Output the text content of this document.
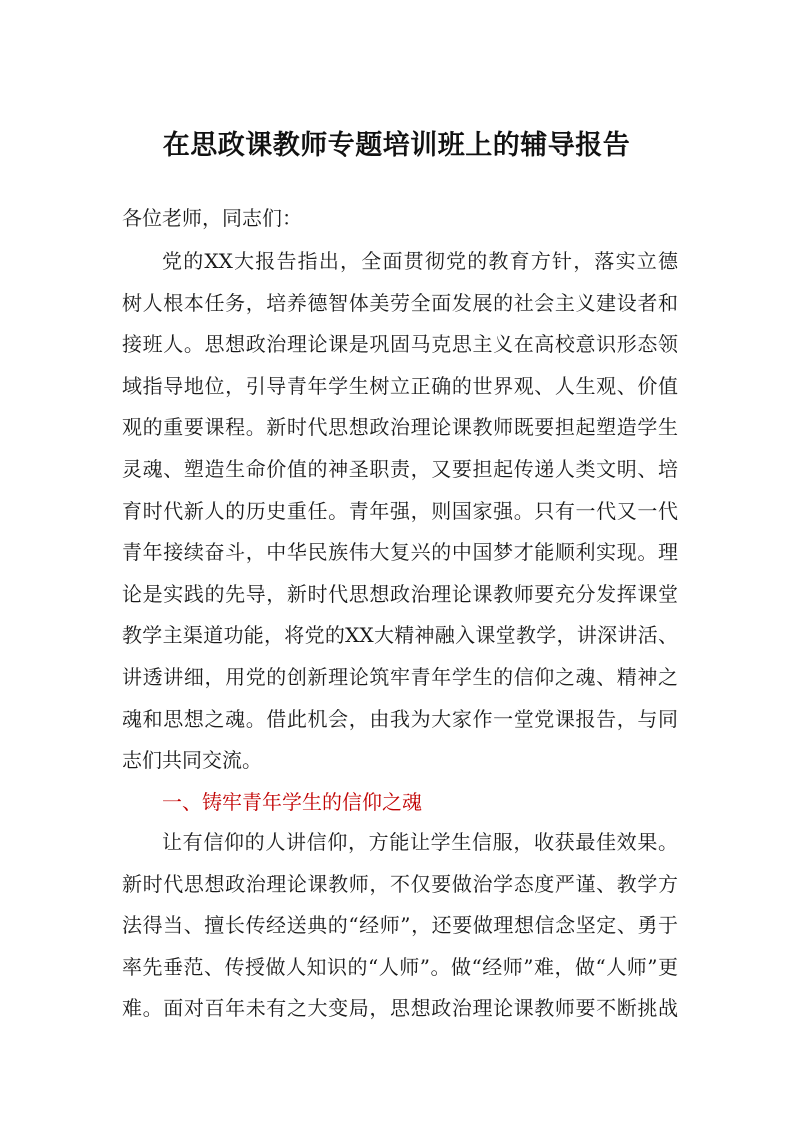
在思政课教师专题培训班上的辅导报告
各位老师，同志们：
党的XX大报告指出，全面贯彻党的教育方针，落实立德
树人根本任务，培养德智体美劳全面发展的社会主义建设者和
接班人。思想政治理论课是巩固马克思主义在高校意识形态领
域指导地位，引导青年学生树立正确的世界观、人生观、价值
观的重要课程。新时代思想政治理论课教师既要担起塑造学生
灵魂、塑造生命价值的神圣职责，又要担起传递人类文明、培
育时代新人的历史重任。青年强，则国家强。只有一代又一代
青年接续奋斗，中华民族伟大复兴的中国梦才能顺利实现。理
论是实践的先导，新时代思想政治理论课教师要充分发挥课堂
教学主渠道功能，将党的XX大精神融入课堂教学，讲深讲活、
讲透讲细，用党的创新理论筑牢青年学生的信仰之魂、精神之
魂和思想之魂。借此机会，由我为大家作一堂党课报告，与同
志们共同交流。
一、铸牢青年学生的信仰之魂
让有信仰的人讲信仰，方能让学生信服，收获最佳效果。
新时代思想政治理论课教师，不仅要做治学态度严谨、教学方
法得当、擅长传经送典的“经师”，还要做理想信念坚定、勇于
率先垂范、传授做人知识的“人师”。做“经师”难，做“人师”更
难。面对百年未有之大变局，思想政治理论课教师要不断挑战
